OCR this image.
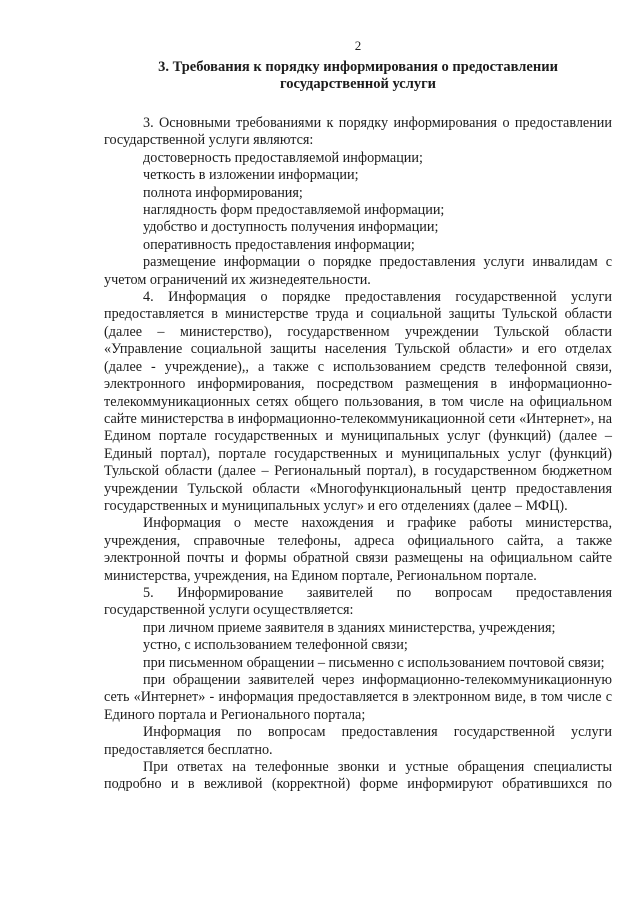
2
3. Требования к порядку информирования о предоставлении
государственной услуги

3. Основными требованиями к порядку информирования о предоставлении государственной услуги являются:

достоверность предоставляемой информации;

четкость в изложении информации;

полнота информирования;

наглядность форм предоставляемой информации;

удобство и доступность получения информации;

оперативность предоставления информации;

размещение информации о порядке предоставления услуги инвалидам с учетом ограничений их жизнедеятельности.

4. Информация о порядке предоставления государственной услуги предоставляется в министерстве труда и социальной защиты Тульской области (далее – министерство), государственном учреждении Тульской области «Управление социальной защиты населения Тульской области» и его отделах (далее - учреждение),, а также с использованием средств телефонной связи, электронного информирования, посредством размещения в информационно-телекоммуникационных сетях общего пользования, в том числе на официальном сайте министерства в информационно-телекоммуникационной сети «Интернет», на Едином портале государственных и муниципальных услуг (функций) (далее – Единый портал), портале государственных и муниципальных услуг (функций) Тульской области (далее – Региональный портал), в государственном бюджетном учреждении Тульской области «Многофункциональный центр предоставления государственных и муниципальных услуг» и его отделениях (далее – МФЦ).

Информация о месте нахождения и графике работы министерства, учреждения, справочные телефоны, адреса официального сайта, а также электронной почты и формы обратной связи размещены на официальном сайте министерства, учреждения, на Едином портале, Региональном портале.

5. Информирование заявителей по вопросам предоставления государственной услуги осуществляется:

при личном приеме заявителя в зданиях министерства, учреждения;

устно, с использованием телефонной связи;

при письменном обращении – письменно с использованием почтовой связи;

при обращении заявителей через информационно-телекоммуникационную сеть «Интернет» - информация предоставляется в электронном виде, в том числе с Единого портала и Регионального портала;

Информация по вопросам предоставления государственной услуги предоставляется бесплатно.

При ответах на телефонные звонки и устные обращения специалисты подробно и в вежливой (корректной) форме информируют обратившихся по
